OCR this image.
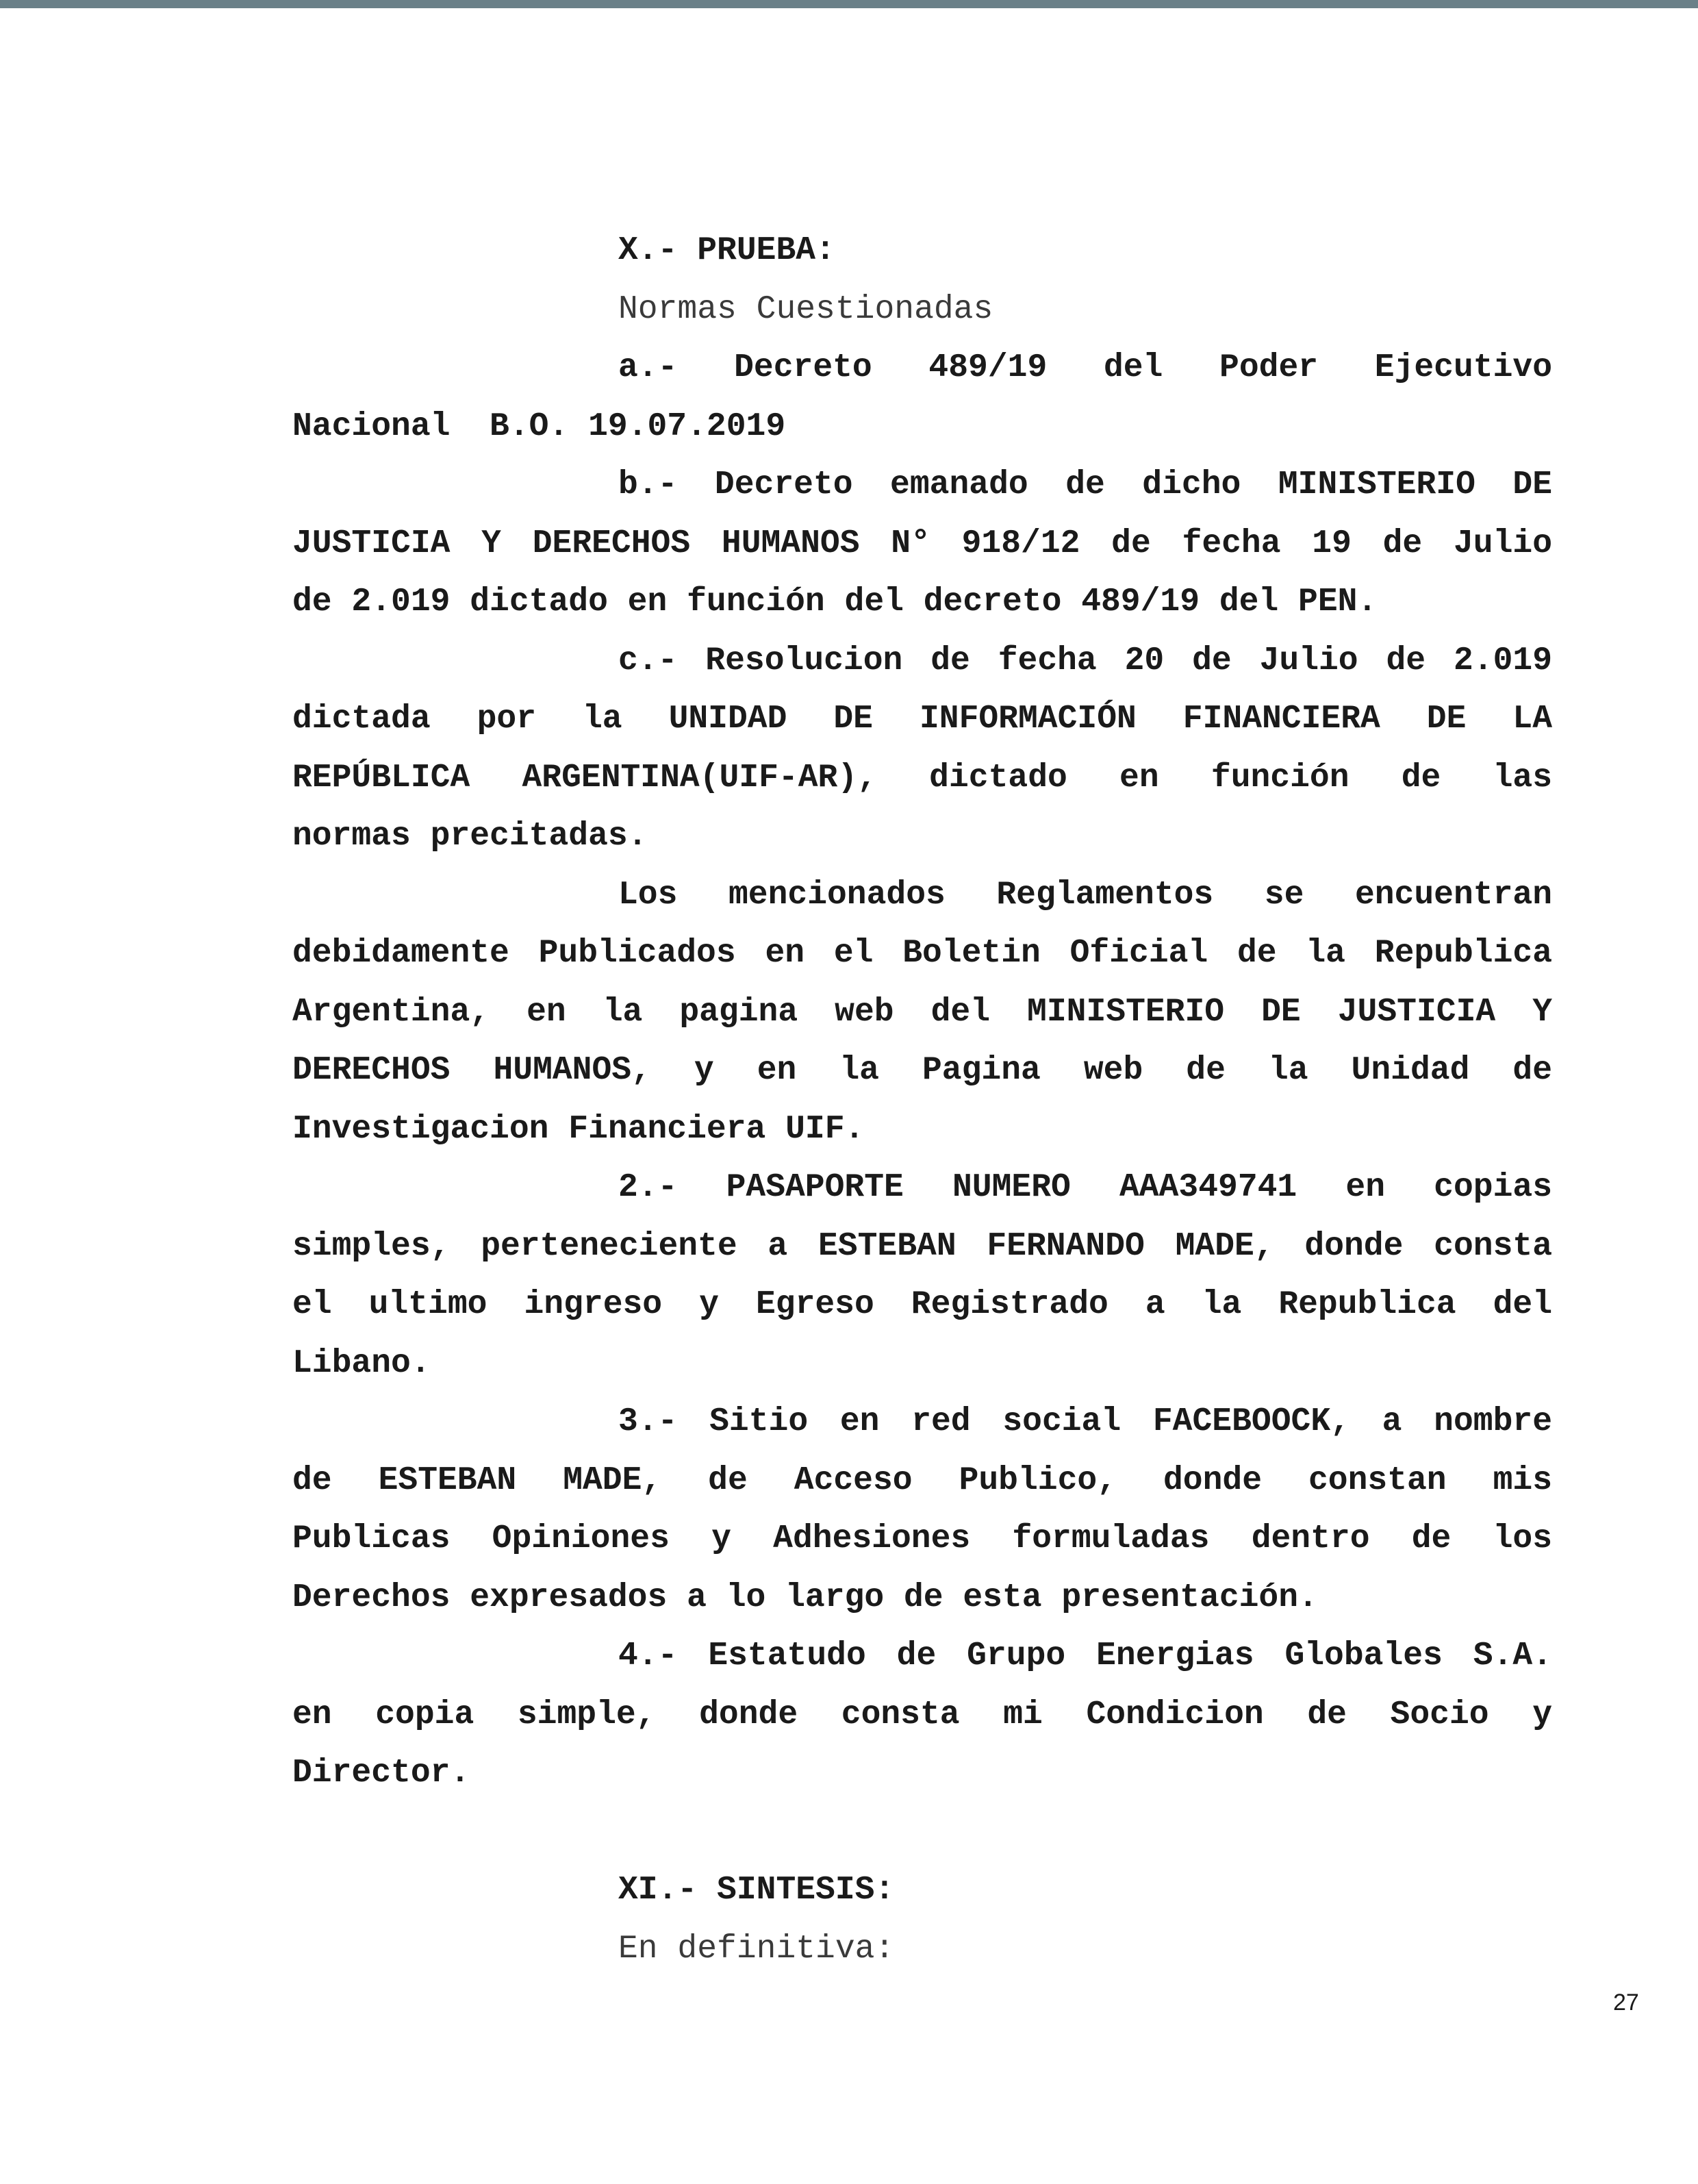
X.- PRUEBA:
Normas Cuestionadas
a.- Decreto 489/19 del Poder Ejecutivo
Nacional  B.O. 19.07.2019
b.- Decreto emanado de dicho MINISTERIO DE
JUSTICIA Y DERECHOS HUMANOS N° 918/12 de fecha 19 de Julio
de 2.019 dictado en función del decreto 489/19 del PEN.
c.- Resolucion de fecha 20 de Julio de 2.019
dictada por la UNIDAD DE INFORMACIÓN FINANCIERA DE LA
REPÚBLICA ARGENTINA(UIF-AR), dictado en función de las
normas precitadas.
Los mencionados Reglamentos se encuentran
debidamente Publicados en el Boletin Oficial de la Republica
Argentina, en la pagina web del MINISTERIO DE JUSTICIA Y
DERECHOS HUMANOS, y en la Pagina web de la Unidad de
Investigacion Financiera UIF.
2.- PASAPORTE NUMERO AAA349741 en copias
simples, perteneciente a ESTEBAN FERNANDO MADE, donde consta
el ultimo ingreso y Egreso Registrado a la Republica del
Libano.
3.- Sitio en red social FACEBOOCK, a nombre
de ESTEBAN MADE, de Acceso Publico, donde constan mis
Publicas Opiniones y Adhesiones formuladas dentro de los
Derechos expresados a lo largo de esta presentación.
4.- Estatudo de Grupo Energias Globales S.A.
en copia simple, donde consta mi Condicion de Socio y
Director.
XI.- SINTESIS:
En definitiva:
27
